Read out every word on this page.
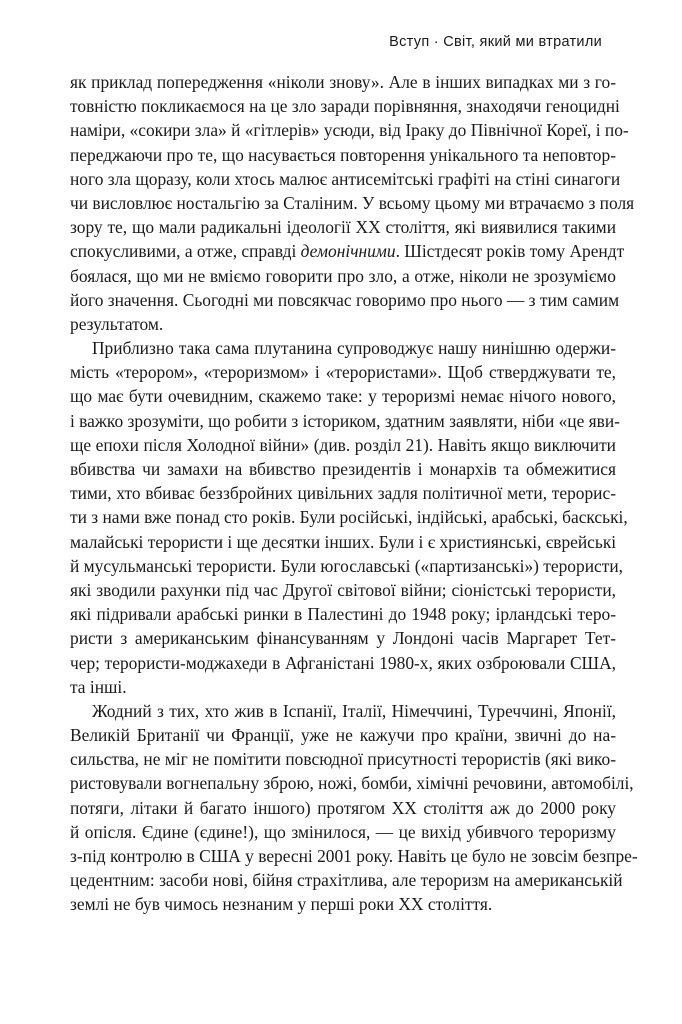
Вступ · Світ, який ми втратили
як приклад попередження «ніколи знову». Але в інших випадках ми з го-
товністю покликаємося на це зло заради порівняння, знаходячи геноцидні
наміри, «сокири зла» й «гітлерів» усюди, від Іраку до Північної Кореї, і по-
переджаючи про те, що насувається повторення унікального та неповтор-
ного зла щоразу, коли хтось малює антисемітські графіті на стіні синагоги
чи висловлює ностальгію за Сталіним. У всьому цьому ми втрачаємо з поля
зору те, що мали радикальні ідеології XX століття, які виявилися такими
спокусливими, а отже, справді демонічними. Шістдесят років тому Арендт
боялася, що ми не вміємо говорити про зло, а отже, ніколи не зрозуміємо
його значення. Сьогодні ми повсякчас говоримо про нього — з тим самим
результатом.
Приблизно така сама плутанина супроводжує нашу нинішню одержи-
мість «терором», «тероризмом» і «терористами». Щоб стверджувати те,
що має бути очевидним, скажемо таке: у тероризмі немає нічого нового,
і важко зрозуміти, що робити з істориком, здатним заявляти, ніби «це яви-
ще епохи після Холодної війни» (див. розділ 21). Навіть якщо виключити
вбивства чи замахи на вбивство президентів і монархів та обмежитися
тими, хто вбиває беззбройних цивільних задля політичної мети, терорис-
ти з нами вже понад сто років. Були російські, індійські, арабські, баскські,
малайські терористи і ще десятки інших. Були і є християнські, єврейські
й мусульманські терористи. Були югославські («партизанські») терористи,
які зводили рахунки під час Другої світової війни; сіоністські терористи,
які підривали арабські ринки в Палестині до 1948 року; ірландські теро-
ристи з американським фінансуванням у Лондоні часів Маргарет Тет-
чер; терористи-моджахеди в Афганістані 1980-х, яких озброювали США,
та інші.
Жодний з тих, хто жив в Іспанії, Італії, Німеччині, Туреччині, Японії,
Великій Британії чи Франції, уже не кажучи про країни, звичні до на-
сильства, не міг не помітити повсюдної присутності терористів (які вико-
ристовували вогнепальну зброю, ножі, бомби, хімічні речовини, автомобілі,
потяги, літаки й багато іншого) протягом XX століття аж до 2000 року
й опісля. Єдине (єдине!), що змінилося, — це вихід убивчого тероризму
з-під контролю в США у вересні 2001 року. Навіть це було не зовсім безпре-
цедентним: засоби нові, бійня страхітлива, але тероризм на американській
землі не був чимось незнаним у перші роки XX століття.
